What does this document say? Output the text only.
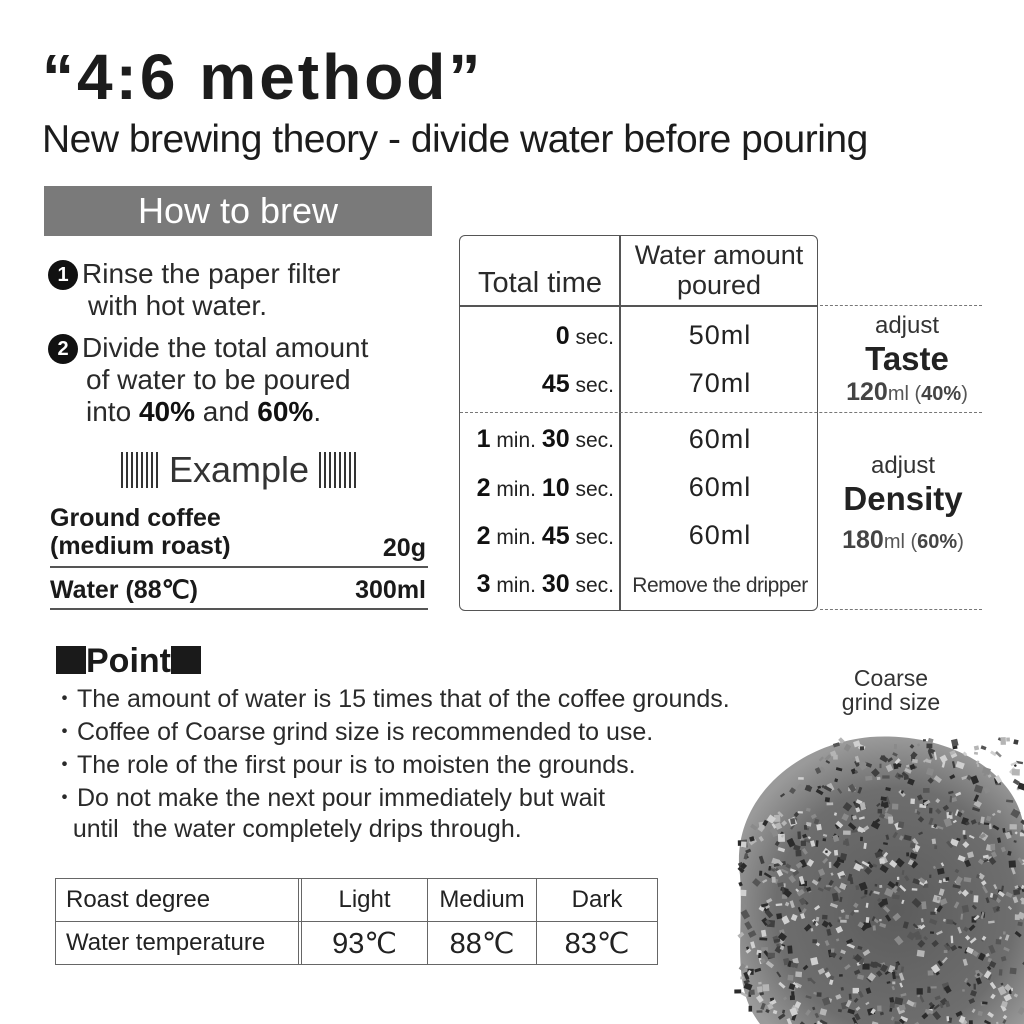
“4:6 method”
New brewing theory - divide water before pouring
How to brew
1 Rinse the paper filter
with hot water.
2 Divide the total amount
of water to be poured
into 40% and 60%.
Example
Ground coffee
(medium roast)	20g
Water (88℃)	300ml
Total time
Water amount
poured
0 sec.	50ml
45 sec.	70ml
1 min. 30 sec.	60ml
2 min. 10 sec.	60ml
2 min. 45 sec.	60ml
3 min. 30 sec. Remove the dripper
adjust
Taste
120ml (40%)
adjust
Density
180ml (60%)
Point
・The amount of water is 15 times that of the coffee grounds.
・Coffee of Coarse grind size is recommended to use.
・The role of the first pour is to moisten the grounds.
・Do not make the next pour immediately but wait
until  the water completely drips through.
Roast degree		Light	Medium	Dark
Water temperature		93℃	88℃	83℃
Coarse
grind size
